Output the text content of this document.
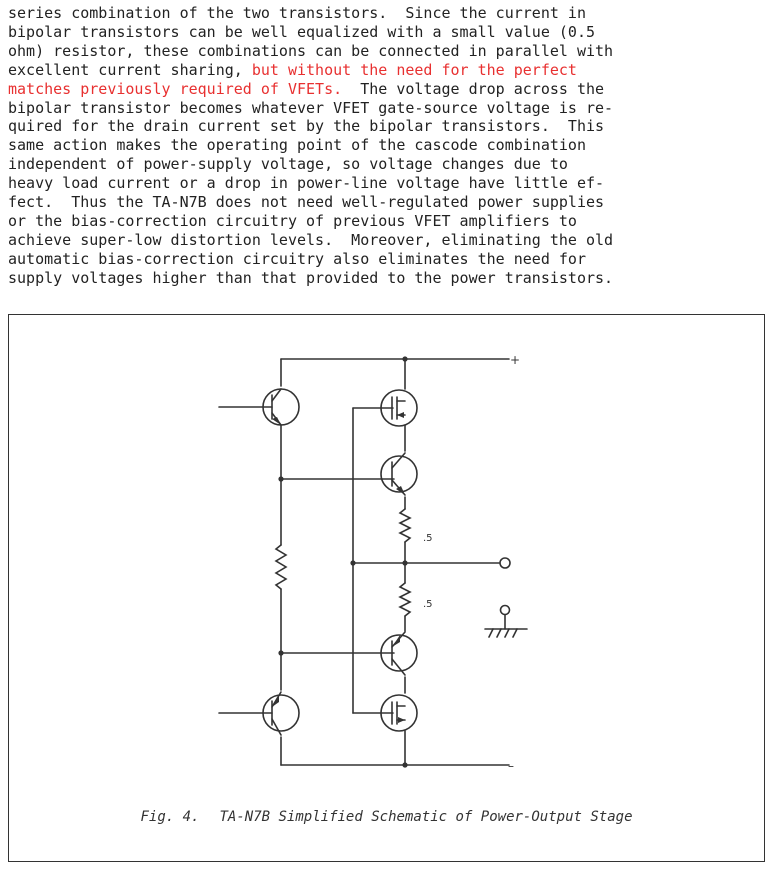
series combination of the two transistors.  Since the current in
bipolar transistors can be well equalized with a small value (0.5
ohm) resistor, these combinations can be connected in parallel with
excellent current sharing, but without the need for the perfect
matches previously required of VFETs.  The voltage drop across the
bipolar transistor becomes whatever VFET gate-source voltage is re-
quired for the drain current set by the bipolar transistors.  This
same action makes the operating point of the cascode combination
independent of power-supply voltage, so voltage changes due to
heavy load current or a drop in power-line voltage have little ef-
fect.  Thus the TA-N7B does not need well-regulated power supplies
or the bias-correction circuitry of previous VFET amplifiers to
achieve super-low distortion levels.  Moreover, eliminating the old
automatic bias-correction circuitry also eliminates the need for
supply voltages higher than that provided to the power transistors.
+
–
.5
.5
Fig. 4. TA-N7B Simplified Schematic of Power-Output Stage
